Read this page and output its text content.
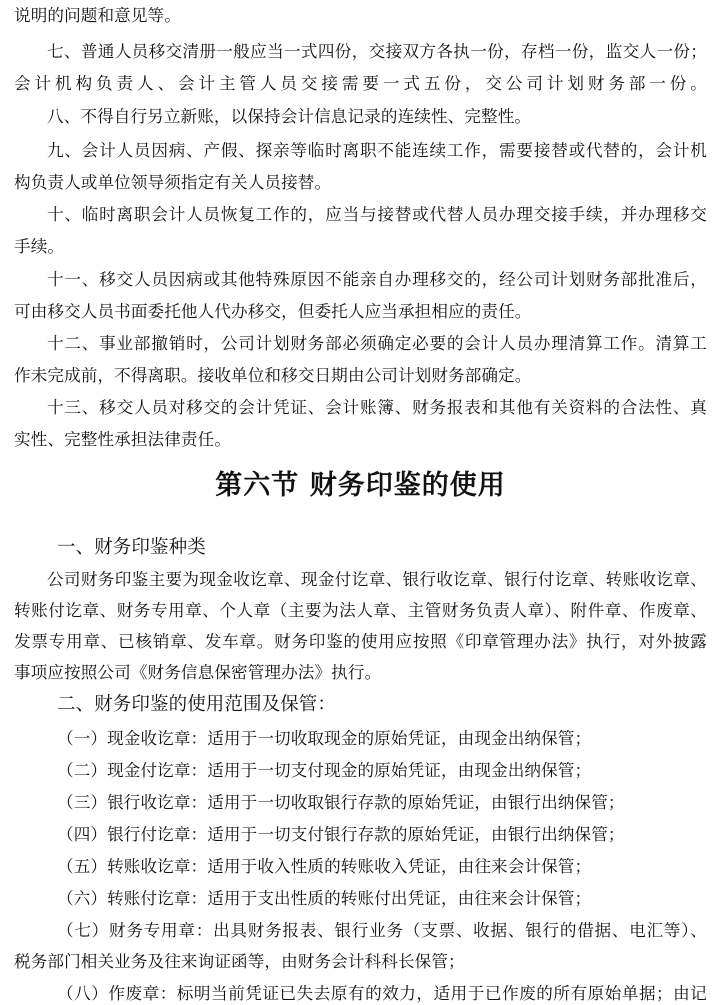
说明的问题和意见等。
七、普通人员移交清册一般应当一式四份，交接双方各执一份，存档一份，监交人一份；
会计机构负责人、会计主管人员交接需要一式五份，交公司计划财务部一份。
八、不得自行另立新账，以保持会计信息记录的连续性、完整性。
九、会计人员因病、产假、探亲等临时离职不能连续工作，需要接替或代替的，会计机
构负责人或单位领导须指定有关人员接替。
十、临时离职会计人员恢复工作的，应当与接替或代替人员办理交接手续，并办理移交
手续。
十一、移交人员因病或其他特殊原因不能亲自办理移交的，经公司计划财务部批准后，
可由移交人员书面委托他人代办移交，但委托人应当承担相应的责任。
十二、事业部撤销时，公司计划财务部必须确定必要的会计人员办理清算工作。清算工
作未完成前，不得离职。接收单位和移交日期由公司计划财务部确定。
十三、移交人员对移交的会计凭证、会计账簿、财务报表和其他有关资料的合法性、真
实性、完整性承担法律责任。
第六节 财务印鉴的使用
一、财务印鉴种类
公司财务印鉴主要为现金收讫章、现金付讫章、银行收讫章、银行付讫章、转账收讫章、
转账付讫章、财务专用章、个人章（主要为法人章、主管财务负责人章）、附件章、作废章、
发票专用章、已核销章、发车章。财务印鉴的使用应按照《印章管理办法》执行，对外披露
事项应按照公司《财务信息保密管理办法》执行。
二、财务印鉴的使用范围及保管：
（一）现金收讫章：适用于一切收取现金的原始凭证，由现金出纳保管；
（二）现金付讫章：适用于一切支付现金的原始凭证，由现金出纳保管；
（三）银行收讫章：适用于一切收取银行存款的原始凭证，由银行出纳保管；
（四）银行付讫章：适用于一切支付银行存款的原始凭证，由银行出纳保管；
（五）转账收讫章：适用于收入性质的转账收入凭证，由往来会计保管；
（六）转账付讫章：适用于支出性质的转账付出凭证，由往来会计保管；
（七）财务专用章：出具财务报表、银行业务（支票、收据、银行的借据、电汇等）、
税务部门相关业务及往来询证函等，由财务会计科科长保管；
（八）作废章：标明当前凭证已失去原有的效力，适用于已作废的所有原始单据；由记
